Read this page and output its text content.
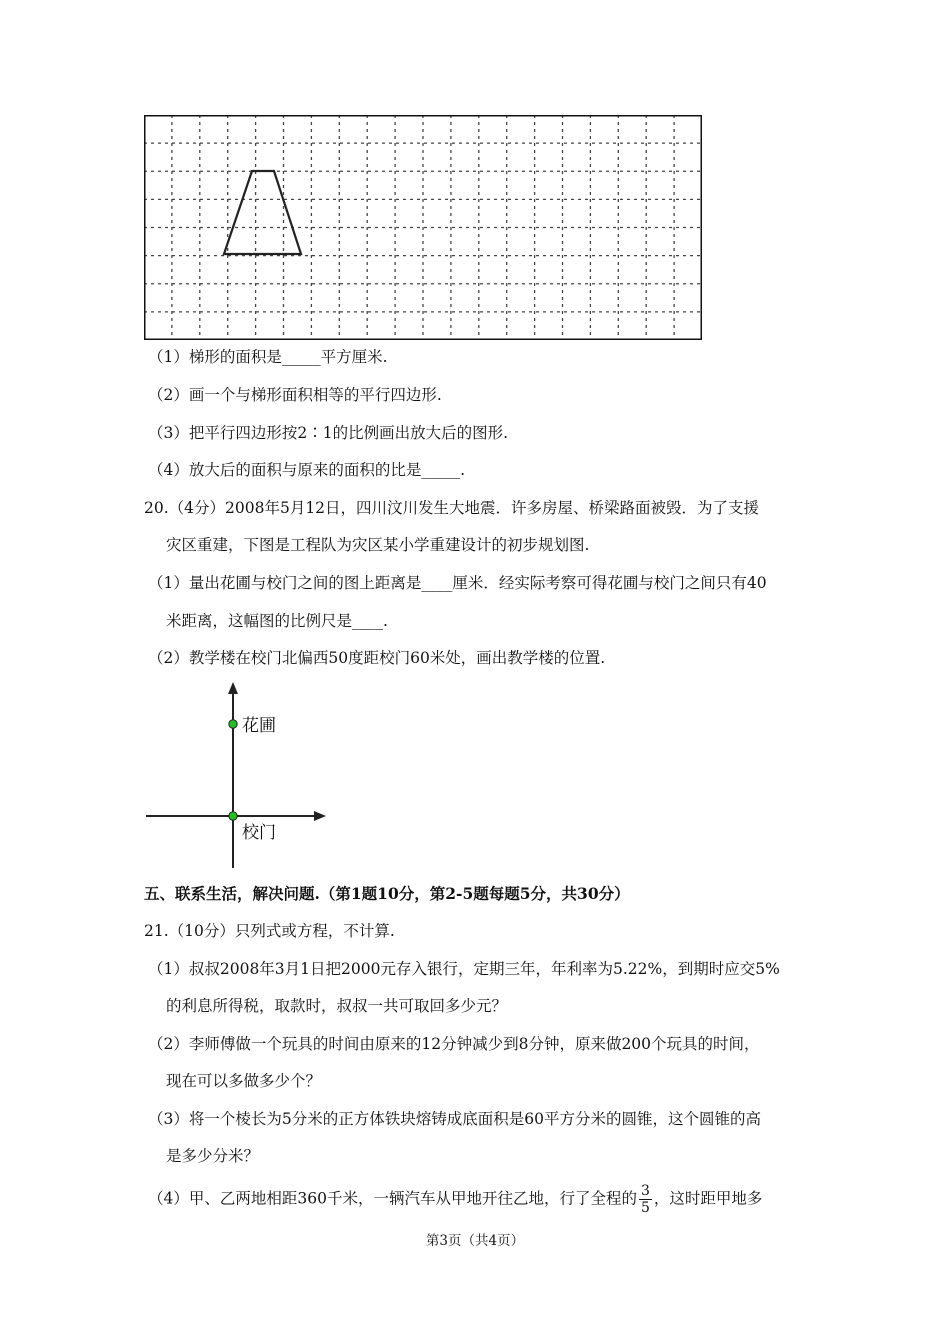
（1）梯形的面积是_____平方厘米.
（2）画一个与梯形面积相等的平行四边形.
（3）把平行四边形按2∶1的比例画出放大后的图形.
（4）放大后的面积与原来的面积的比是_____.
20.（4分）2008年5月12日，四川汶川发生大地震．许多房屋、桥梁路面被毁．为了支援
灾区重建，下图是工程队为灾区某小学重建设计的初步规划图.
（1）量出花圃与校门之间的图上距离是____厘米．经实际考察可得花圃与校门之间只有40
米距离，这幅图的比例尺是____.
（2）教学楼在校门北偏西50度距校门60米处，画出教学楼的位置.
花圃
校门
五、联系生活，解决问题.（第1题10分，第2-5题每题5分，共30分）
21.（10分）只列式或方程，不计算.
（1）叔叔2008年3月1日把2000元存入银行，定期三年，年利率为5.22%，到期时应交5%
的利息所得税，取款时，叔叔一共可取回多少元？
（2）李师傅做一个玩具的时间由原来的12分钟减少到8分钟，原来做200个玩具的时间，
现在可以多做多少个？
（3）将一个棱长为5分米的正方体铁块熔铸成底面积是60平方分米的圆锥，这个圆锥的高
是多少分米？
（4）甲、乙两地相距360千米，一辆汽车从甲地开往乙地，行了全程的 $\frac{3}{5}$ ，这时距甲地多
第3页（共4页）
